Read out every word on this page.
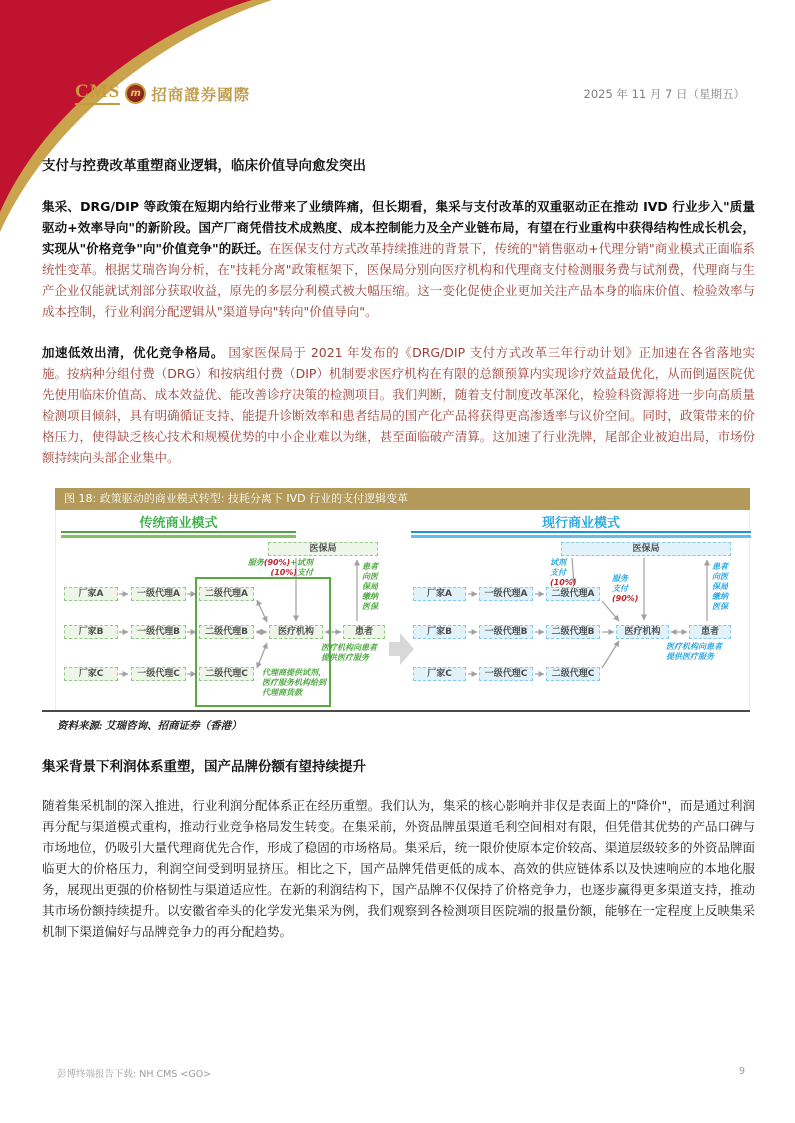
CMS	m 招商證券國際	2025 年 11 月 7 日（星期五）
支付与控费改革重塑商业逻辑，临床价值导向愈发突出

集采、DRG/DIP 等政策在短期内给行业带来了业绩阵痛，但长期看，集采与支付改革的双重驱动正在推动 IVD 行业步入"质量驱动+效率导向"的新阶段。国产厂商凭借技术成熟度、成本控制能力及全产业链布局，有望在行业重构中获得结构性成长机会，实现从"价格竞争"向"价值竞争"的跃迁。在医保支付方式改革持续推进的背景下，传统的"销售驱动+代理分销"商业模式正面临系统性变革。根据艾瑞咨询分析，在"技耗分离"政策框架下，医保局分别向医疗机构和代理商支付检测服务费与试剂费，代理商与生产企业仅能就试剂部分获取收益，原先的多层分利模式被大幅压缩。这一变化促使企业更加关注产品本身的临床价值、检验效率与成本控制，行业利润分配逻辑从"渠道导向"转向"价值导向"。

加速低效出清，优化竞争格局。 国家医保局于 2021 年发布的《DRG/DIP 支付方式改革三年行动计划》正加速在各省落地实施。按病种分组付费（DRG）和按病组付费（DIP）机制要求医疗机构在有限的总额预算内实现诊疗效益最优化，从而倒逼医院优先使用临床价值高、成本效益优、能改善诊疗决策的检测项目。我们判断，随着支付制度改革深化，检验科资源将进一步向高质量检测项目倾斜，具有明确循证支持、能提升诊断效率和患者结局的国产化产品将获得更高渗透率与议价空间。同时，政策带来的价格压力，使得缺乏核心技术和规模优势的中小企业难以为继，甚至面临破产清算。这加速了行业洗牌，尾部企业被迫出局，市场份额持续向头部企业集中。

图 18: 政策驱动的商业模式转型: 技耗分离下 IVD 行业的支付逻辑变革
传统商业模式	现行商业模式
医保局
厂家A	一级代理A	二级代理A
厂家B	一级代理B	二级代理B
厂家C	一级代理C	二级代理C
医疗机构	患者
服务(90%)+试剂(10%)支付
患者向医保局缴纳医保
医疗机构向患者提供医疗服务
代理商提供试剂，医疗服务机构给到代理商货款
医保局
厂家A	一级代理A	二级代理A
厂家B	一级代理B	二级代理B
厂家C	一级代理C	二级代理C
医疗机构	患者
试剂
支付
(10%)	服务
支付
(90%)
患者向医保局缴纳医保
医疗机构向患者提供医疗服务
资料来源: 艾瑞咨询、招商证券（香港）
集采背景下利润体系重塑，国产品牌份额有望持续提升

随着集采机制的深入推进，行业利润分配体系正在经历重塑。我们认为，集采的核心影响并非仅是表面上的"降价"，而是通过利润再分配与渠道模式重构，推动行业竞争格局发生转变。在集采前，外资品牌虽渠道毛利空间相对有限，但凭借其优势的产品口碑与市场地位，仍吸引大量代理商优先合作，形成了稳固的市场格局。集采后，统一限价使原本定价较高、渠道层级较多的外资品牌面临更大的价格压力，利润空间受到明显挤压。相比之下，国产品牌凭借更低的成本、高效的供应链体系以及快速响应的本地化服务，展现出更强的价格韧性与渠道适应性。在新的利润结构下，国产品牌不仅保持了价格竞争力，也逐步赢得更多渠道支持，推动其市场份额持续提升。以安徽省牵头的化学发光集采为例，我们观察到各检测项目医院端的报量份额，能够在一定程度上反映集采机制下渠道偏好与品牌竞争力的再分配趋势。

彭博终端报告下载: NH CMS <GO>	9
